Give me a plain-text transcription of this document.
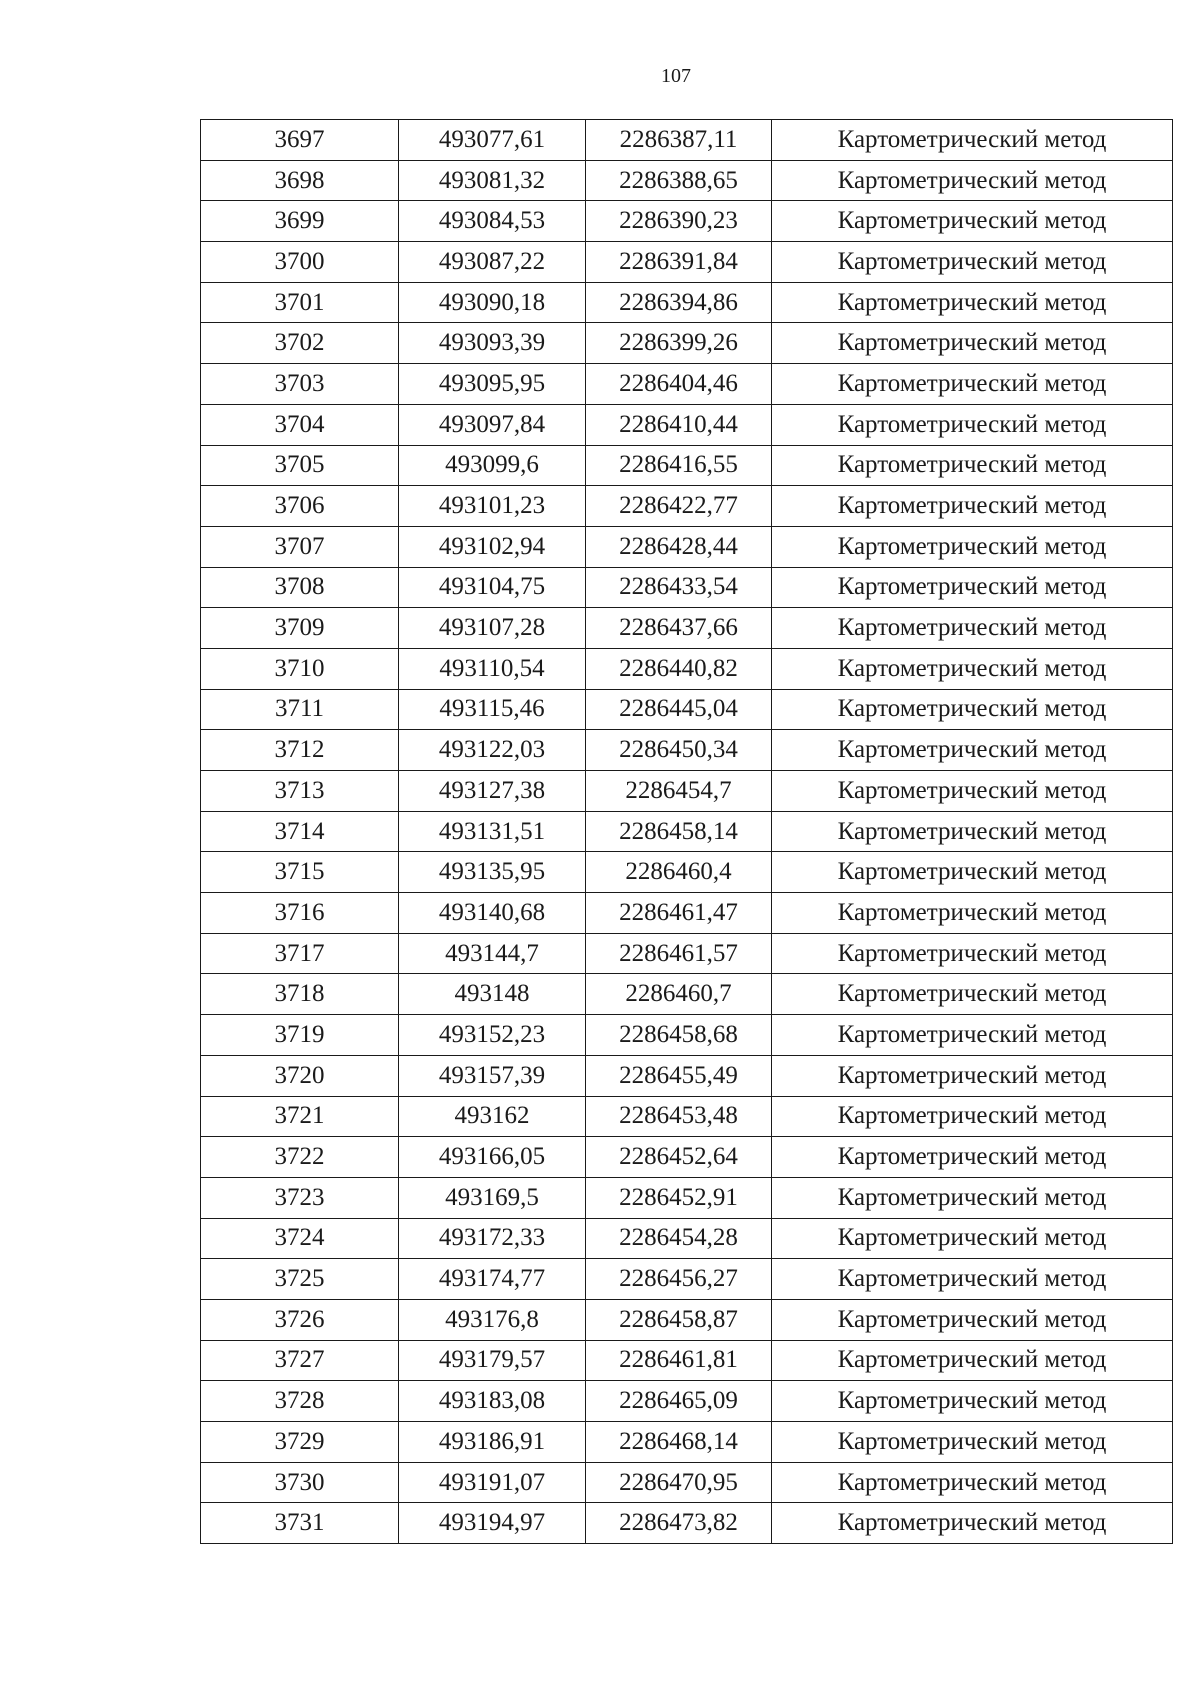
107
3697	493077,61	2286387,11	Картометрический метод
3698	493081,32	2286388,65	Картометрический метод
3699	493084,53	2286390,23	Картометрический метод
3700	493087,22	2286391,84	Картометрический метод
3701	493090,18	2286394,86	Картометрический метод
3702	493093,39	2286399,26	Картометрический метод
3703	493095,95	2286404,46	Картометрический метод
3704	493097,84	2286410,44	Картометрический метод
3705	493099,6	2286416,55	Картометрический метод
3706	493101,23	2286422,77	Картометрический метод
3707	493102,94	2286428,44	Картометрический метод
3708	493104,75	2286433,54	Картометрический метод
3709	493107,28	2286437,66	Картометрический метод
3710	493110,54	2286440,82	Картометрический метод
3711	493115,46	2286445,04	Картометрический метод
3712	493122,03	2286450,34	Картометрический метод
3713	493127,38	2286454,7	Картометрический метод
3714	493131,51	2286458,14	Картометрический метод
3715	493135,95	2286460,4	Картометрический метод
3716	493140,68	2286461,47	Картометрический метод
3717	493144,7	2286461,57	Картометрический метод
3718	493148	2286460,7	Картометрический метод
3719	493152,23	2286458,68	Картометрический метод
3720	493157,39	2286455,49	Картометрический метод
3721	493162	2286453,48	Картометрический метод
3722	493166,05	2286452,64	Картометрический метод
3723	493169,5	2286452,91	Картометрический метод
3724	493172,33	2286454,28	Картометрический метод
3725	493174,77	2286456,27	Картометрический метод
3726	493176,8	2286458,87	Картометрический метод
3727	493179,57	2286461,81	Картометрический метод
3728	493183,08	2286465,09	Картометрический метод
3729	493186,91	2286468,14	Картометрический метод
3730	493191,07	2286470,95	Картометрический метод
3731	493194,97	2286473,82	Картометрический метод
